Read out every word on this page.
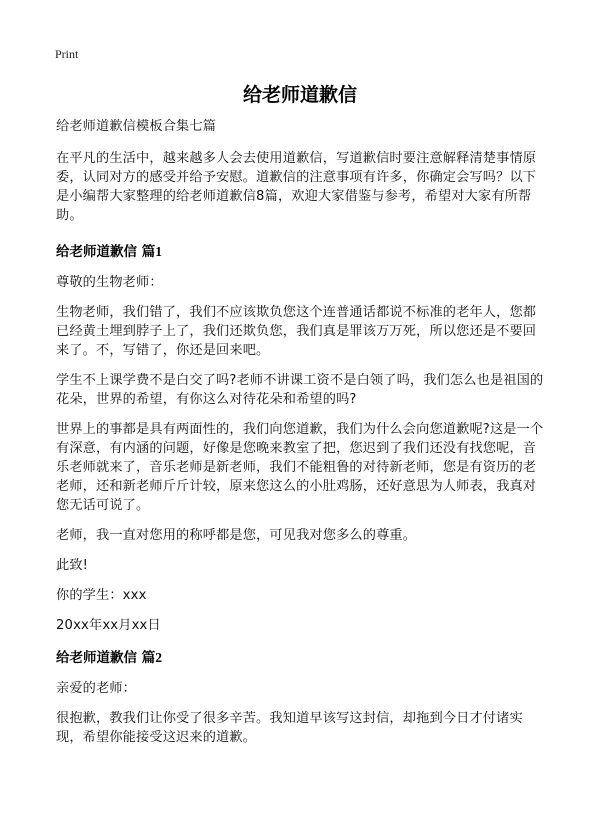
Print
给老师道歉信

给老师道歉信模板合集七篇

在平凡的生活中，越来越多人会去使用道歉信，写道歉信时要注意解释清楚事情原委，认同对方的感受并给予安慰。道歉信的注意事项有许多，你确定会写吗？以下是小编帮大家整理的给老师道歉信8篇，欢迎大家借鉴与参考，希望对大家有所帮助。

给老师道歉信 篇1

尊敬的生物老师：

生物老师，我们错了，我们不应该欺负您这个连普通话都说不标准的老年人，您都已经黄土埋到脖子上了，我们还欺负您，我们真是罪该万万死，所以您还是不要回来了。不，写错了，你还是回来吧。

学生不上课学费不是白交了吗?老师不讲课工资不是白领了吗，我们怎么也是祖国的花朵，世界的希望，有你这么对待花朵和希望的吗?

世界上的事都是具有两面性的，我们向您道歉，我们为什么会向您道歉呢?这是一个有深意，有内涵的问题，好像是您晚来教室了把，您迟到了我们还没有找您呢，音乐老师就来了，音乐老师是新老师，我们不能粗鲁的对待新老师，您是有资历的老老师，还和新老师斤斤计较，原来您这么的小肚鸡肠，还好意思为人师表，我真对您无话可说了。

老师，我一直对您用的称呼都是您，可见我对您多么的尊重。

此致!

你的学生：xxx

20xx年xx月xx日

给老师道歉信 篇2

亲爱的老师：

很抱歉，教我们让你受了很多辛苦。我知道早该写这封信，却拖到今日才付诸实现，希望你能接受这迟来的道歉。
